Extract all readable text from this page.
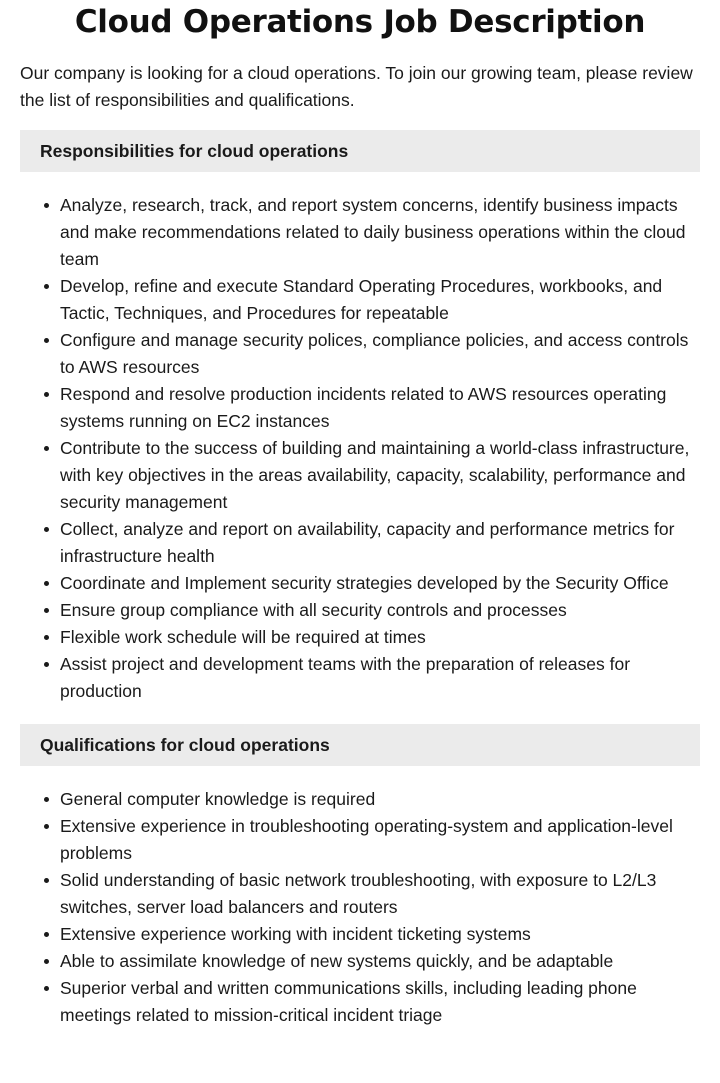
Cloud Operations Job Description

Our company is looking for a cloud operations. To join our growing team, please review the list of responsibilities and qualifications.

Responsibilities for cloud operations
Analyze, research, track, and report system concerns, identify business impacts and make recommendations related to daily business operations within the cloud team
Develop, refine and execute Standard Operating Procedures, workbooks, and Tactic, Techniques, and Procedures for repeatable
Configure and manage security polices, compliance policies, and access controls to AWS resources
Respond and resolve production incidents related to AWS resources operating systems running on EC2 instances
Contribute to the success of building and maintaining a world-class infrastructure, with key objectives in the areas availability, capacity, scalability, performance and security management
Collect, analyze and report on availability, capacity and performance metrics for infrastructure health
Coordinate and Implement security strategies developed by the Security Office
Ensure group compliance with all security controls and processes
Flexible work schedule will be required at times
Assist project and development teams with the preparation of releases for production
Qualifications for cloud operations
General computer knowledge is required
Extensive experience in troubleshooting operating-system and application-level problems
Solid understanding of basic network troubleshooting, with exposure to L2/L3 switches, server load balancers and routers
Extensive experience working with incident ticketing systems
Able to assimilate knowledge of new systems quickly, and be adaptable
Superior verbal and written communications skills, including leading phone meetings related to mission-critical incident triage
